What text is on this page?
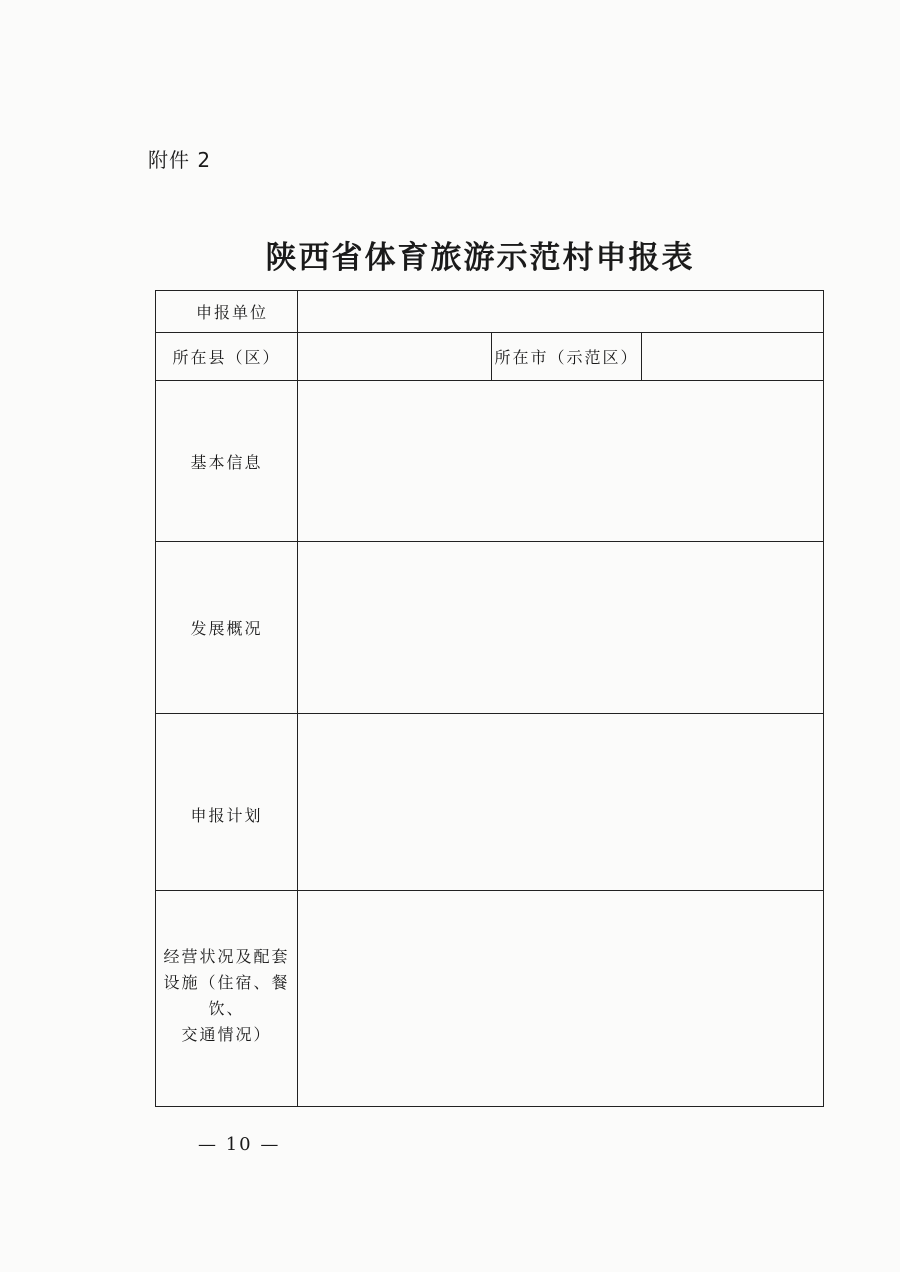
附件 2
陕西省体育旅游示范村申报表
申报单位			
所在县（区）		所在市（示范区）	
基本信息			
发展概况			
申报计划			

经营状况及配套
设施（住宿、餐饮、
交通情况）			

— 10 —
